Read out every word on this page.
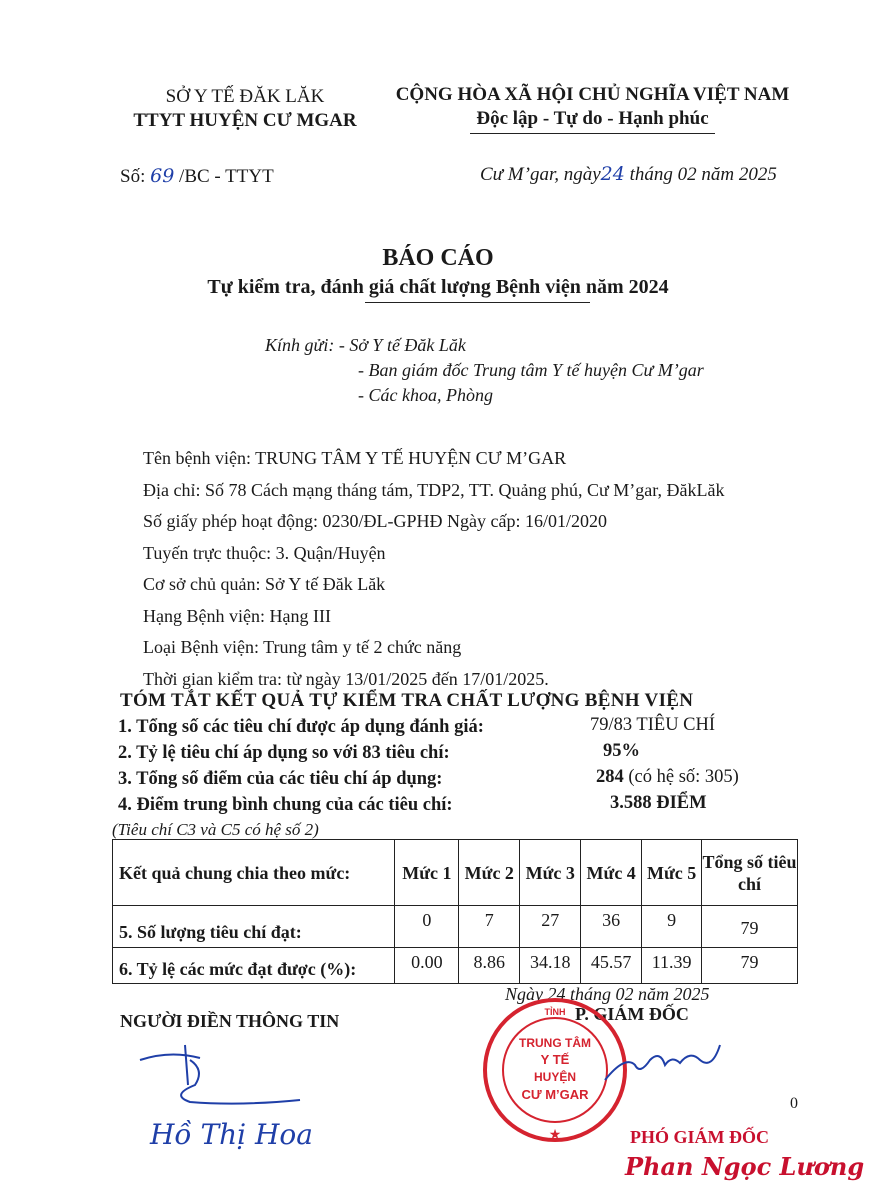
SỞ Y TẾ ĐĂK LĂK
TTYT HUYỆN CƯ MGAR
CỘNG HÒA XÃ HỘI CHỦ NGHĨA VIỆT NAM
Độc lập - Tự do - Hạnh phúc
Số: 69 /BC - TTYT	Cư M’gar, ngày24 tháng 02 năm 2025
BÁO CÁO
Tự kiểm tra, đánh giá chất lượng Bệnh viện năm 2024
Kính gửi: - Sở Y tế Đăk Lăk
- Ban giám đốc Trung tâm Y tế huyện Cư M’gar
- Các khoa, Phòng
Tên bệnh viện: TRUNG TÂM Y TẾ HUYỆN CƯ M’GAR
Địa chỉ: Số 78 Cách mạng tháng tám, TDP2, TT. Quảng phú, Cư M’gar, ĐăkLăk
Số giấy phép hoạt động: 0230/ĐL-GPHĐ Ngày cấp: 16/01/2020
Tuyến trực thuộc: 3. Quận/Huyện
Cơ sở chủ quản: Sở Y tế Đăk Lăk
Hạng Bệnh viện: Hạng III
Loại Bệnh viện: Trung tâm y tế 2 chức năng
Thời gian kiểm tra: từ ngày 13/01/2025 đến 17/01/2025.
TÓM TẮT KẾT QUẢ TỰ KIỂM TRA CHẤT LƯỢNG BỆNH VIỆN
1. Tổng số các tiêu chí được áp dụng đánh giá:	79/83 TIÊU CHÍ
2. Tỷ lệ tiêu chí áp dụng so với 83 tiêu chí:	95%
3. Tổng số điểm của các tiêu chí áp dụng:	284 (có hệ số: 305)
4. Điểm trung bình chung của các tiêu chí:	3.588 ĐIỂM
(Tiêu chí C3 và C5 có hệ số 2)
Kết quả chung chia theo mức:	Mức 1	Mức 2	Mức 3	Mức 4	Mức 5	Tổng số tiêu chí
5. Số lượng tiêu chí đạt:	0	7	27	36	9	79
6. Tỷ lệ các mức đạt được (%):	0.00	8.86	34.18	45.57	11.39	79
Ngày 24 tháng 02 năm 2025
NGƯỜI ĐIỀN THÔNG TIN	P. GIÁM ĐỐC
TỈNH
★
TRUNG TÂM
Y TẾ
HUYỆN
CƯ M’GAR
Hồ Thị Hoa
0
PHÓ GIÁM ĐỐC
Phan Ngọc Lương
